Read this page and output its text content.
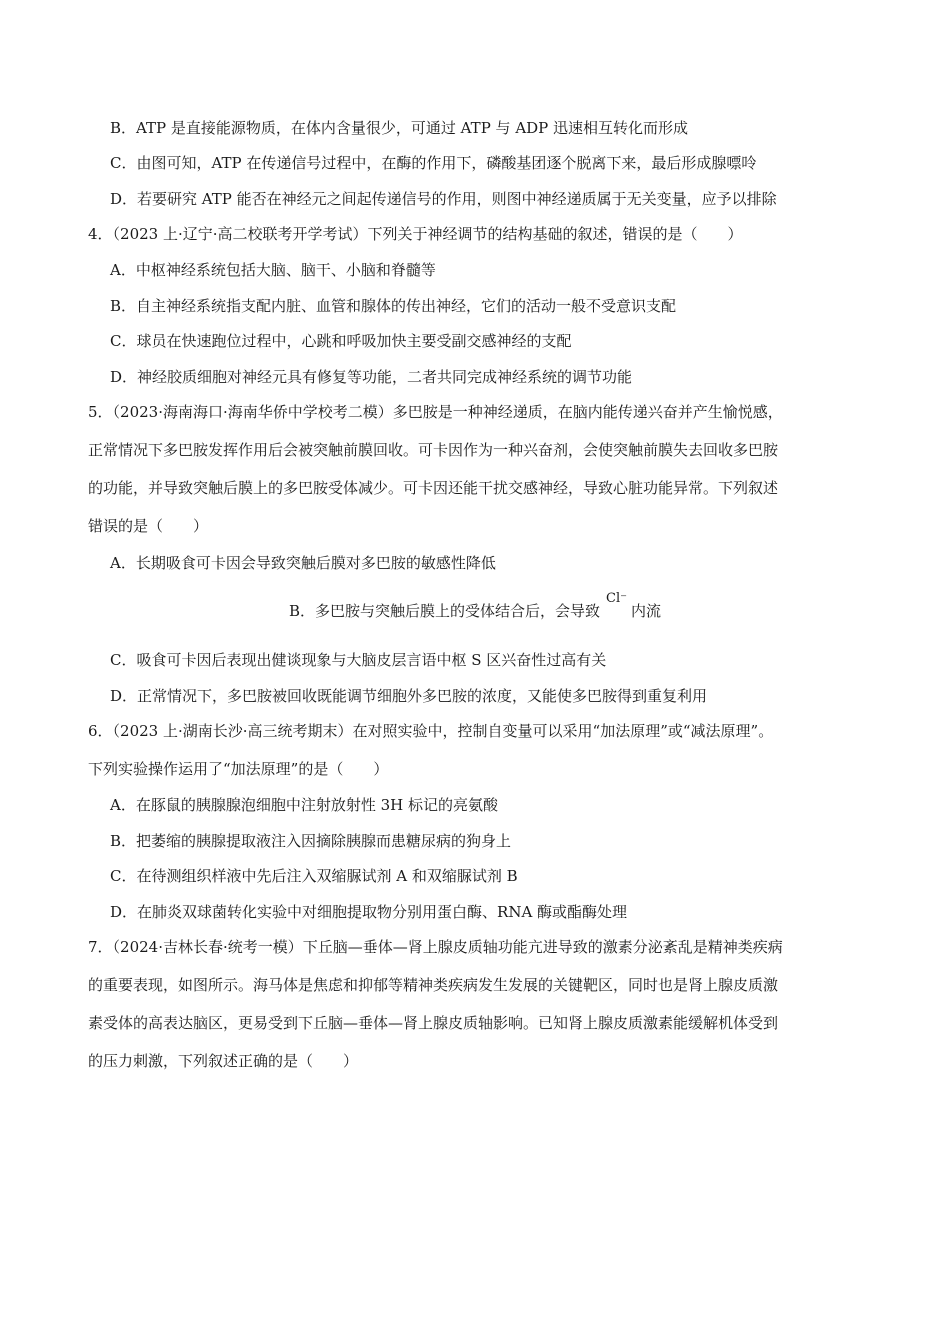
B．ATP 是直接能源物质，在体内含量很少，可通过 ATP 与 ADP 迅速相互转化而形成
C．由图可知，ATP 在传递信号过程中，在酶的作用下，磷酸基团逐个脱离下来，最后形成腺嘌呤
D．若要研究 ATP 能否在神经元之间起传递信号的作用，则图中神经递质属于无关变量，应予以排除
4．（2023 上·辽宁·高二校联考开学考试）下列关于神经调节的结构基础的叙述，错误的是（　　）
A．中枢神经系统包括大脑、脑干、小脑和脊髓等
B．自主神经系统指支配内脏、血管和腺体的传出神经，它们的活动一般不受意识支配
C．球员在快速跑位过程中，心跳和呼吸加快主要受副交感神经的支配
D．神经胶质细胞对神经元具有修复等功能，二者共同完成神经系统的调节功能
5．（2023·海南海口·海南华侨中学校考二模）多巴胺是一种神经递质，在脑内能传递兴奋并产生愉悦感，
正常情况下多巴胺发挥作用后会被突触前膜回收。可卡因作为一种兴奋剂，会使突触前膜失去回收多巴胺
的功能，并导致突触后膜上的多巴胺受体减少。可卡因还能干扰交感神经，导致心脏功能异常。下列叙述
错误的是（　　）
A．长期吸食可卡因会导致突触后膜对多巴胺的敏感性降低
B．多巴胺与突触后膜上的受体结合后，会导致Cl⁻内流
C．吸食可卡因后表现出健谈现象与大脑皮层言语中枢 S 区兴奋性过高有关
D．正常情况下，多巴胺被回收既能调节细胞外多巴胺的浓度，又能使多巴胺得到重复利用
6．（2023 上·湖南长沙·高三统考期末）在对照实验中，控制自变量可以采用“加法原理”或“减法原理”。
下列实验操作运用了“加法原理”的是（　　）
A．在豚鼠的胰腺腺泡细胞中注射放射性 3H 标记的亮氨酸
B．把萎缩的胰腺提取液注入因摘除胰腺而患糖尿病的狗身上
C．在待测组织样液中先后注入双缩脲试剂 A 和双缩脲试剂 B
D．在肺炎双球菌转化实验中对细胞提取物分别用蛋白酶、RNA 酶或酯酶处理
7．（2024·吉林长春·统考一模）下丘脑—垂体—肾上腺皮质轴功能亢进导致的激素分泌紊乱是精神类疾病
的重要表现，如图所示。海马体是焦虑和抑郁等精神类疾病发生发展的关键靶区，同时也是肾上腺皮质激
素受体的高表达脑区，更易受到下丘脑—垂体—肾上腺皮质轴影响。已知肾上腺皮质激素能缓解机体受到
的压力刺激，下列叙述正确的是（　　）
